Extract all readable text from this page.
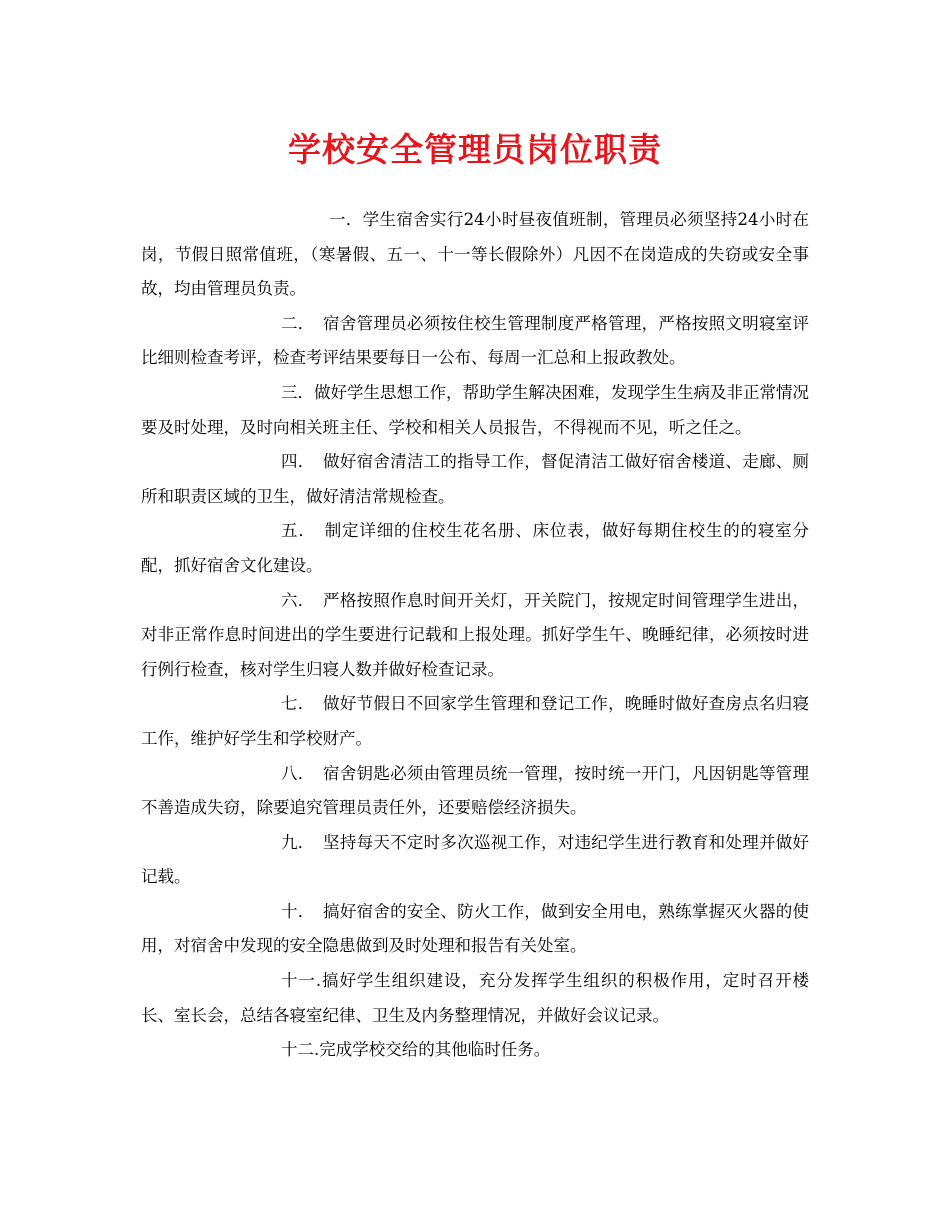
学校安全管理员岗位职责

一．学生宿舍实行24小时昼夜值班制，管理员必须坚持24小时在岗，节假日照常值班，（寒暑假、五一、十一等长假除外）凡因不在岗造成的失窃或安全事故，均由管理员负责。

二．　宿舍管理员必须按住校生管理制度严格管理，严格按照文明寝室评比细则检查考评，检查考评结果要每日一公布、每周一汇总和上报政教处。

三．做好学生思想工作，帮助学生解决困难，发现学生生病及非正常情况要及时处理，及时向相关班主任、学校和相关人员报告，不得视而不见，听之任之。

四．　做好宿舍清洁工的指导工作，督促清洁工做好宿舍楼道、走廊、厕所和职责区域的卫生，做好清洁常规检查。

五．　制定详细的住校生花名册、床位表，做好每期住校生的的寝室分配，抓好宿舍文化建设。

六．　严格按照作息时间开关灯，开关院门，按规定时间管理学生进出，对非正常作息时间进出的学生要进行记载和上报处理。抓好学生午、晚睡纪律，必须按时进行例行检查，核对学生归寝人数并做好检查记录。

七．　做好节假日不回家学生管理和登记工作，晚睡时做好查房点名归寝工作，维护好学生和学校财产。

八．　宿舍钥匙必须由管理员统一管理，按时统一开门，凡因钥匙等管理不善造成失窃，除要追究管理员责任外，还要赔偿经济损失。

九．　坚持每天不定时多次巡视工作，对违纪学生进行教育和处理并做好记载。

十．　搞好宿舍的安全、防火工作，做到安全用电，熟练掌握灭火器的使用，对宿舍中发现的安全隐患做到及时处理和报告有关处室。

十一.搞好学生组织建设，充分发挥学生组织的积极作用，定时召开楼长、室长会，总结各寝室纪律、卫生及内务整理情况，并做好会议记录。

十二.完成学校交给的其他临时任务。
